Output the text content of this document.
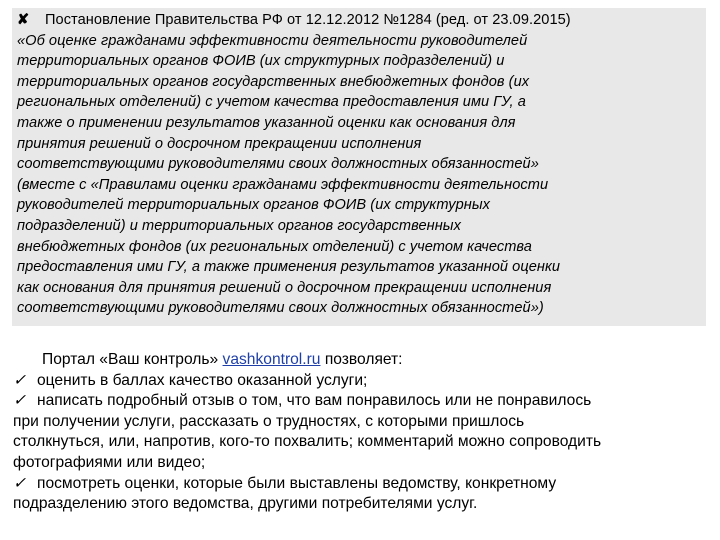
✘ Постановление Правительства РФ от 12.12.2012 №1284 (ред. от 23.09.2015)
«Об оценке гражданами эффективности деятельности руководителей
территориальных органов ФОИВ (их структурных подразделений) и
территориальных органов государственных внебюджетных фондов (их
региональных отделений) с учетом качества предоставления ими ГУ, а
также о применении результатов указанной оценки как основания для
принятия решений о досрочном прекращении исполнения
соответствующими руководителями своих должностных обязанностей»
(вместе с «Правилами оценки гражданами эффективности деятельности
руководителей территориальных органов ФОИВ (их структурных
подразделений) и территориальных органов государственных
внебюджетных фондов (их региональных отделений) с учетом качества
предоставления ими ГУ, а также применения результатов указанной оценки
как основания для принятия решений о досрочном прекращении исполнения
соответствующими руководителями своих должностных обязанностей»)
Портал «Ваш контроль» vashkontrol.ru позволяет:
✓ оценить в баллах качество оказанной услуги;
✓ написать подробный отзыв о том, что вам понравилось или не понравилось
при получении услуги, рассказать о трудностях, с которыми пришлось
столкнуться, или, напротив, кого-то похвалить; комментарий можно сопроводить
фотографиями или видео;
✓ посмотреть оценки, которые были выставлены ведомству, конкретному
подразделению этого ведомства, другими потребителями услуг.
